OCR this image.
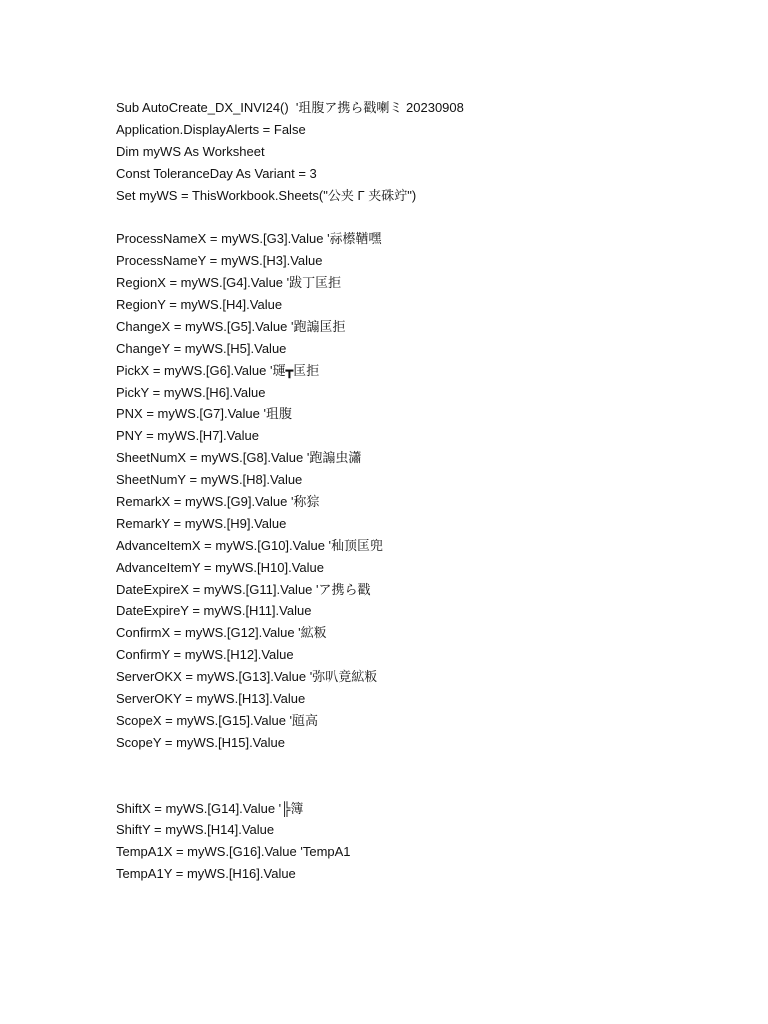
Sub AutoCreate_DX_INVI24()  '珇腹ア携ら戳喇ミ 20230908
Application.DisplayAlerts = False
Dim myWS As Worksheet
Const ToleranceDay As Variant = 3
Set myWS = ThisWorkbook.Sheets("公夹 Γ 夹硃竚")
ProcessNameX = myWS.[G3].Value '祘櫒鞧嘿
ProcessNameY = myWS.[H3].Value
RegionX = myWS.[G4].Value '跋丁匡拒
RegionY = myWS.[H4].Value
ChangeX = myWS.[G5].Value '跑謆匡拒
ChangeY = myWS.[H5].Value
PickX = myWS.[G6].Value '璭┳匡拒
PickY = myWS.[H6].Value
PNX = myWS.[G7].Value '珇腹
PNY = myWS.[H7].Value
SheetNumX = myWS.[G8].Value '跑謆虫瀟
SheetNumY = myWS.[H8].Value
RemarkX = myWS.[G9].Value '称猔
RemarkY = myWS.[H9].Value
AdvanceItemX = myWS.[G10].Value '秈顶匡兜
AdvanceItemY = myWS.[H10].Value
DateExpireX = myWS.[G11].Value 'ア携ら戳
DateExpireY = myWS.[H11].Value
ConfirmX = myWS.[G12].Value '絋粄
ConfirmY = myWS.[H12].Value
ServerOKX = myWS.[G13].Value '弥叭竟絋粄
ServerOKY = myWS.[H13].Value
ScopeX = myWS.[G15].Value '瓸高
ScopeY = myWS.[H15].Value
ShiftX = myWS.[G14].Value '╠簿
ShiftY = myWS.[H14].Value
TempA1X = myWS.[G16].Value 'TempA1
TempA1Y = myWS.[H16].Value
